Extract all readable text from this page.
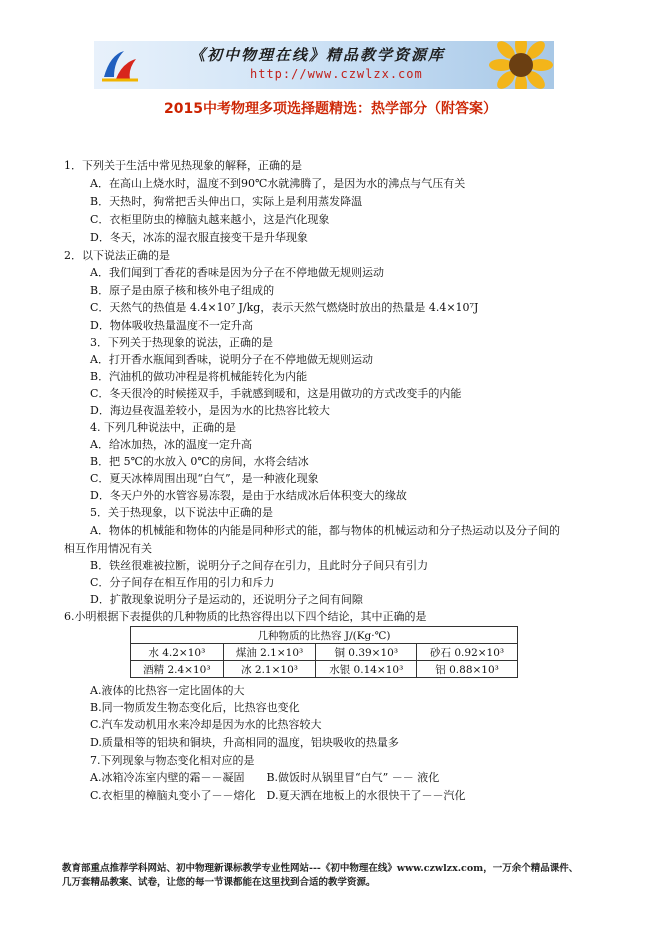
《初中物理在线》精品教学资源库
http://www.czwlzx.com
2015中考物理多项选择题精选：热学部分（附答案）
1．下列关于生活中常见热现象的解释，正确的是
A．在高山上烧水时，温度不到90℃水就沸腾了，是因为水的沸点与气压有关
B．天热时，狗常把舌头伸出口，实际上是利用蒸发降温
C．衣柜里防虫的樟脑丸越来越小，这是汽化现象
D．冬天，冰冻的湿衣服直接变干是升华现象
2．以下说法正确的是
A．我们闻到丁香花的香味是因为分子在不停地做无规则运动
B．原子是由原子核和核外电子组成的
C．天然气的热值是 4.4×10⁷ J/kg，表示天然气燃烧时放出的热量是 4.4×10⁷J
D．物体吸收热量温度不一定升高
3．下列关于热现象的说法，正确的是
A．打开香水瓶闻到香味，说明分子在不停地做无规则运动
B．汽油机的做功冲程是将机械能转化为内能
C．冬天很冷的时候搓双手，手就感到暖和，这是用做功的方式改变手的内能
D．海边昼夜温差较小，是因为水的比热容比较大
4. 下列几种说法中，正确的是
A．给冰加热，冰的温度一定升高
B．把 5℃的水放入 0℃的房间，水将会结冰
C．夏天冰棒周围出现“白气”，是一种液化现象
D．冬天户外的水管容易冻裂，是由于水结成冰后体积变大的缘故
5．关于热现象，以下说法中正确的是
A．物体的机械能和物体的内能是同种形式的能，都与物体的机械运动和分子热运动以及分子间的
相互作用情况有关
B．铁丝很难被拉断，说明分子之间存在引力，且此时分子间只有引力
C．分子间存在相互作用的引力和斥力
D．扩散现象说明分子是运动的，还说明分子之间有间隙
6.小明根据下表提供的几种物质的比热容得出以下四个结论，其中正确的是
几种物质的比热容 J/(Kg·℃)			
水 4.2×10³	煤油 2.1×10³	铜 0.39×10³	砂石 0.92×10³
酒精 2.4×10³	冰 2.1×10³	水银 0.14×10³	铝 0.88×10³
A.液体的比热容一定比固体的大
B.同一物质发生物态变化后，比热容也变化
C.汽车发动机用水来冷却是因为水的比热容较大
D.质量相等的铝块和铜块，升高相同的温度，铝块吸收的热量多
7.下列现象与物态变化相对应的是
A.冰箱冷冻室内壁的霜－－凝固　　B.做饭时从锅里冒“白气” －－ 液化
C.衣柜里的樟脑丸变小了－－熔化　D.夏天洒在地板上的水很快干了－－汽化
教育部重点推荐学科网站、初中物理新课标教学专业性网站---《初中物理在线》www.czwlzx.com，一万余个精品课件、
几万套精品教案、试卷，让您的每一节课都能在这里找到合适的教学资源。
